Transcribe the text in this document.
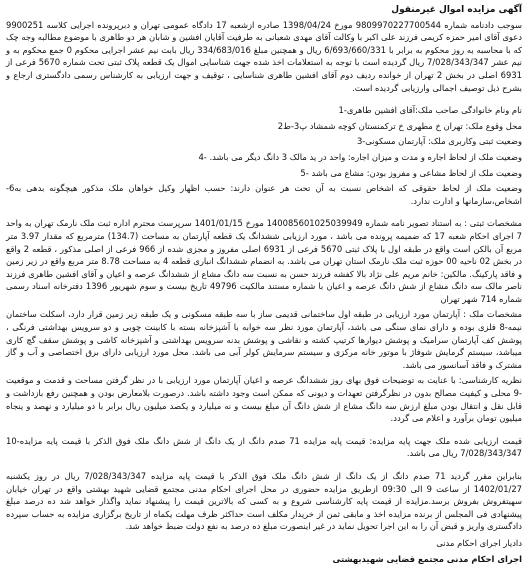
آگهی مزایده اموال غیرمنقول

سوجب دادنامه شماره 9809970227700544 مورخ 1398/04/24 صادره ازشعبه 17 دادگاه عمومی تهران و دبرپرونده اجرایی کلاسه 9900251 دعوی آقای امیر حمزه کریمی فرزند علی اکبر با وکالت آقای مهدی شعبانی به طرفیت آقایان افشین و شابان هر دو طاهری با موضوع مطالبه وجه چک که با محاسبه به روز محکوم به برابر با 6/693/660/331 ریال و همچنین مبلغ 334/683/016 ریال بابت نیم عشر اجرایی محکوم 0 جمع محکوم به و نیم عشر 7/028/343/347 ریال گردیده است با توجه به استعلامات اخذ شده جهت شناسایی اموال یک قطعه پلاک ثبتی تحت شماره 5670 فرعی از 6931 اصلی در بخش 2 تهران از خوانده ردیف دوم آقای افشین طاهری شناسایی ، توقیف و جهت ارزیابی به کارشناس رسمی دادگستری ارجاع و بشرح ذیل توصیف اجمالی وارزیابی گردیده است.

نام ونام خانوادگی صاحب ملک:آقای افشین طاهری-1

محل وقوع ملک: تهران خ مطهری خ ترکمنستان کوچه شمشاد پ3-ط2

وضعیت ثبتی وکاربری ملک: آپارتمان مسکونی-3

وضعیت ملک از لحاظ اجاره و مدت و میزان اجاره: واحد در ید مالک 3 دانگ دیگر می باشد. -4

وضعیت ملک از لحاظ مشاعی و مفروز بودن: مشاع می باشد -5

وضعیت ملک از لحاظ حقوقی که اشخاص نسبت به آن تحت هر عنوان دارند: حسب اظهار وکیل خواهان ملک مذکور هیچگونه بدهی به6-اشخاص،سازمانها و ادارت ندارد.

مشخصات ثبتی : به استناد تصویر نامه شماره 140085601025039949 مورخ 1401/01/15 سرپرست محترم اداره ثبت ملک نارمک تهران به واحد 7 اجرای احکام شعبه 17 که ضمیمه پرونده می باشد ، مورد ارزیابی ششدانگ یک قطعه آپارتمان به مساحت (134.7) مترمربع که مقدار 3.97 متر مربع آن بالکن است واقع در طبقه اول با پلاک ثبتی 5670 فرعی از 6931 اصلی مفروز و مجزی شده از 966 فرعی از اصلی مذکور ، قطعه 2 واقع در بخش 02 ناحیه 00 حوزه ثبت ملک نارمک استان تهران می باشد. به انضمام ششدانگ انباری قطعه 4 به مساحت 8.78 متر مربع واقع در زیر زمین و فاقد پارکینگ. مالکین: خانم مریم علی نژاد بالا کفشه فرزند حسن به نسبت سه دانگ مشاع از ششدانگ عرصه و اعیان و آقای افشین طاهری فرزند ناصر مالک سه دانگ مشاع از شش دانگ عرصه و اعیان با شماره مستند مالکیت 49796 تاریخ بیست و سوم شهریور 1396 دفترخانه اسناد رسمی شماره 714 شهر تهران

مشخصات ملک : آپارتمان مورد ارزیابی در طبقه اول ساختمانی قدیمی ساز با سه طبقه مسکونی و یک طبقه زیر زمین قرار دارد، اسکلت ساختمان نیمه-8 فلزی بوده و دارای نمای سنگی می باشد، آپارتمان مورد نظر سه خوابه با آشپزخانه بسته با کابینت چوبی و دو سرویس بهداشتی فرنگی ، پوشش کف آپارتمان سرامیک و پوشش دیوارها کرتیپ کشته و نقاشی و پوشش بدنه سرویس بهداشتی و آشپزخانه کاشی و پوشش سقف گچ کاری میباشد، سیستم گرمایش شوفاژ با موتور خانه مرکزی و سیستم سرمایش کولر آبی می باشد. محل مورد ارزیابی دارای برق اختصاصی و آب و گاز مشترک و فاقد آسانسور می باشد.

نظریه کارشناسی: با عنایت به توضیحات فوق بهای روز ششدانگ عرصه و اعیان آپارتمان مورد ارزیابی با در نظر گرفتن مساحت و قدمت و موقعیت -9 محلی و کیفیت مصالح بدون در نظرگرفتن تعهدات و دیونی که ممکن است وجود داشته باشد. درصورت بلامعارض بودن و همچنین رفع بازداشت و قابل نقل و انتقال بودن مبلغ ارزش سه دانگ مشاع از شش دانگ آن مبلغ بیست و نه میلیارد و یکصد میلیون ریال برابر با دو میلیارد و نهصد و ینجاه میلیون تومان برآورد و اعلام می گردد.

قیمت ارزیابی شده ملک جهت پایه مزایده: قیمت پایه مزایده 71 صدم دانگ از یک دانگ از شش دانگ ملک فوق الذکر با قیمت پایه مزایده-10 7/028/343/347 ریال می باشد.

بنابراین مقرر گردید 71 صدم دانگ از یک دانگ از شش دانگ ملک فوق الذکر با قیمت پایه مزایده 7/028/343/347 ریال در روز یکشنبه 1402/01/27 از ساعت 9 الی 09:30 ازطریق مزایده حضوری در محل اجرای احکام مدنی مجتمع قضایی شهید بهشتی واقع در تهران خیابان سهیتفروش بفروش برسد.مزایده از قیمت پایه کارشناسی شروع و به کسی که بالاترین قیمت را پیشنهاد نماید واگذار خواهد شد ده درصد مبلغ پیشنهادی فی المجلس از برنده مزایده اخذ و مابقی ثمن از خریدار مکلف است حداکثر ظرف مهلت یکماه از تاریخ برگزاری مزایده به حساب سپرده دادگستری واریز و قبض آن را به این اجرا تحویل نماید در غیر اینصورت مبلغ ده درصد به نفع دولت ضبط خواهد شد.

دادیار اجرای احکام مدنی

اجرای احکام مدنی مجتمع قضایی شهیدبهشتی
